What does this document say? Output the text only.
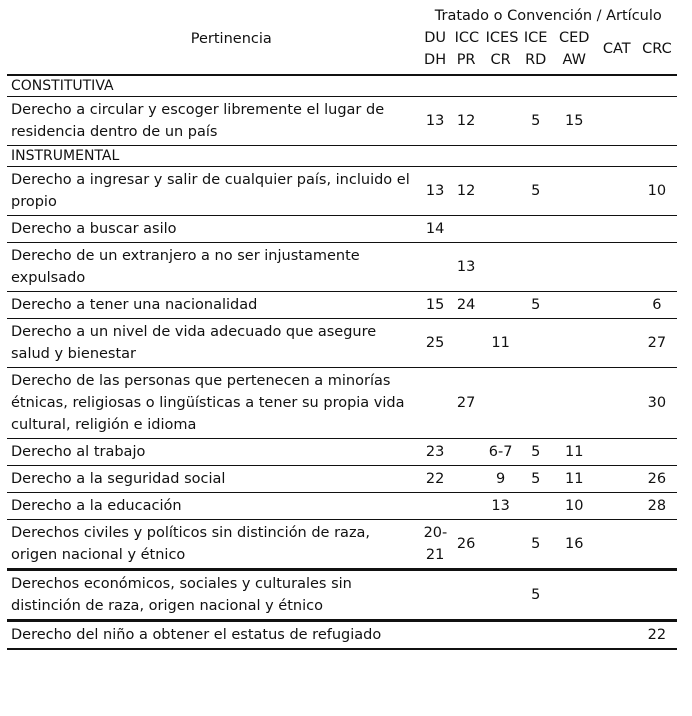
Pertinencia	Tratado o Convención / Artículo						
	DU DH	ICC PR	ICES CR	ICE RD	CED AW	CAT	CRC
CONSTITUTIVA							
Derecho a circular y escoger libremente el lugar de residencia dentro de un país	13	12		5	15		
INSTRUMENTAL							
Derecho a ingresar y salir de cualquier país, incluido el propio	13	12		5			10
Derecho a buscar asilo	14						
Derecho de un extranjero a no ser injustamente expulsado		13					
Derecho a tener una nacionalidad	15	24		5			6
Derecho a un nivel de vida adecuado que asegure salud y bienestar	25		11				27
Derecho de las personas que pertenecen a minorías étnicas, religiosas o lingüísticas a tener su propia vida cultural, religión e idioma		27					30
Derecho al trabajo	23		6-7	5	11		
Derecho a la seguridad social	22		9	5	11		26
Derecho a la educación			13		10		28
Derechos civiles y políticos sin distinción de raza, origen nacional y étnico	20-21	26		5	16		
Derechos económicos, sociales y culturales sin distinción de raza, origen nacional y étnico				5			
Derecho del niño a obtener el estatus de refugiado							22
